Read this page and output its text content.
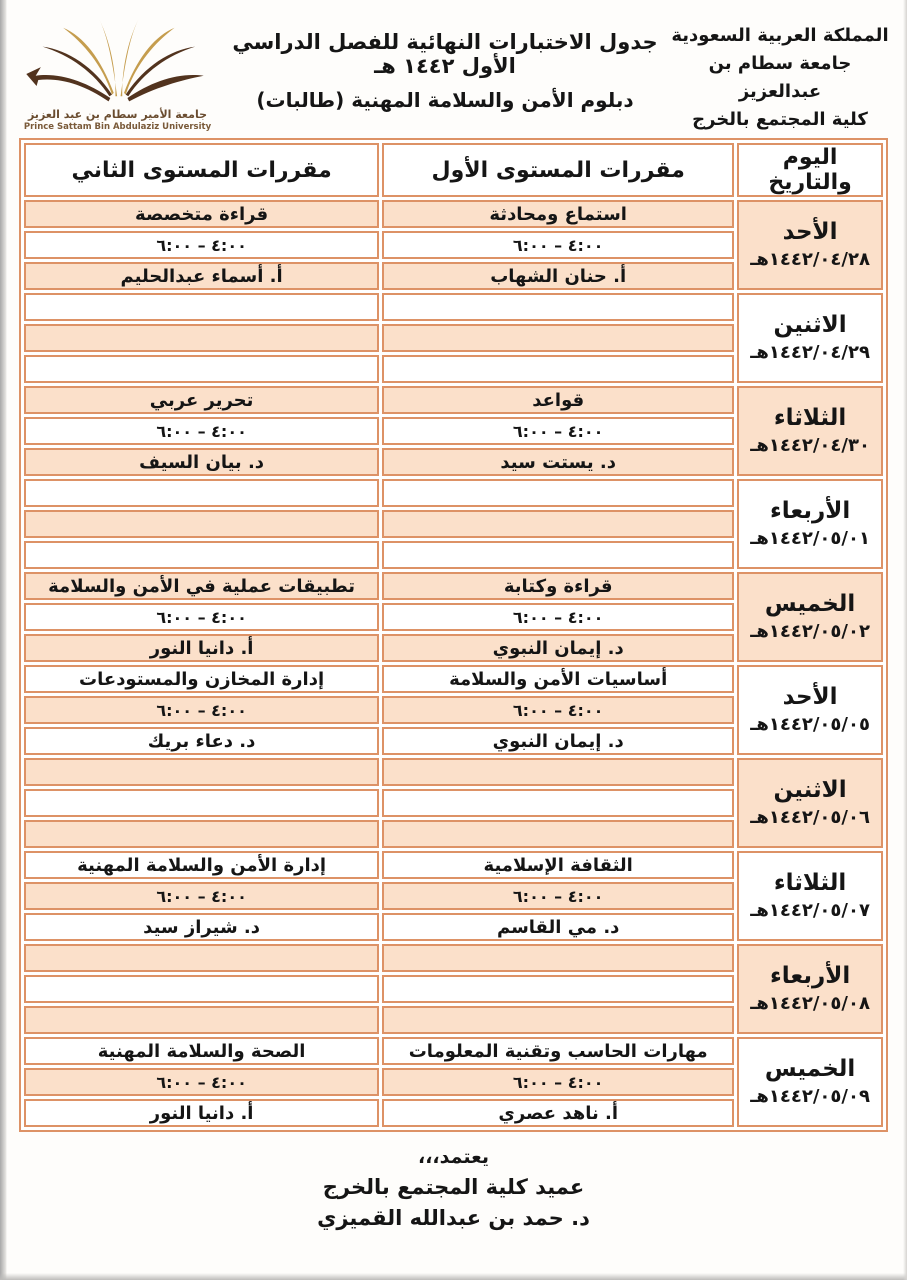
المملكة العربية السعودية
جامعة سطام بن عبدالعزيز
كلية المجتمع بالخرج
جدول الاختبارات النهائية للفصل الدراسي الأول ١٤٤٢ هـ
دبلوم الأمن والسلامة المهنية (طالبات)
جامعة الأمير سطام بن عبد العزيز
Prince Sattam Bin Abdulaziz University
اليوم والتاريخ	مقررات المستوى الأول	مقررات المستوى الثاني

الأحد
١٤٤٢/٠٤/٢٨هـ	استماع ومحادثة	قراءة متخصصة
	٤:٠٠ – ٦:٠٠	٤:٠٠ – ٦:٠٠
	أ. حنان الشهاب	أ. أسماء عبدالحليم

الاثنين
١٤٤٢/٠٤/٢٩هـ		

الثلاثاء
١٤٤٢/٠٤/٣٠هـ	قواعد	تحرير عربي
	٤:٠٠ – ٦:٠٠	٤:٠٠ – ٦:٠٠
	د. يستت سيد	د. بيان السيف

الأربعاء
١٤٤٢/٠٥/٠١هـ		

الخميس
١٤٤٢/٠٥/٠٢هـ	قراءة وكتابة	تطبيقات عملية في الأمن والسلامة
	٤:٠٠ – ٦:٠٠	٤:٠٠ – ٦:٠٠
	د. إيمان النبوي	أ. دانيا النور

الأحد
١٤٤٢/٠٥/٠٥هـ	أساسيات الأمن والسلامة	إدارة المخازن والمستودعات
	٤:٠٠ – ٦:٠٠	٤:٠٠ – ٦:٠٠
	د. إيمان النبوي	د. دعاء بريك

الاثنين
١٤٤٢/٠٥/٠٦هـ		

الثلاثاء
١٤٤٢/٠٥/٠٧هـ	الثقافة الإسلامية	إدارة الأمن والسلامة المهنية
	٤:٠٠ – ٦:٠٠	٤:٠٠ – ٦:٠٠
	د. مي القاسم	د. شيراز سيد

الأربعاء
١٤٤٢/٠٥/٠٨هـ		

الخميس
١٤٤٢/٠٥/٠٩هـ	مهارات الحاسب وتقنية المعلومات	الصحة والسلامة المهنية
	٤:٠٠ – ٦:٠٠	٤:٠٠ – ٦:٠٠
	أ. ناهد عصري	أ. دانيا النور
يعتمد،،،
عميد كلية المجتمع بالخرج
د. حمد بن عبدالله القميزي
